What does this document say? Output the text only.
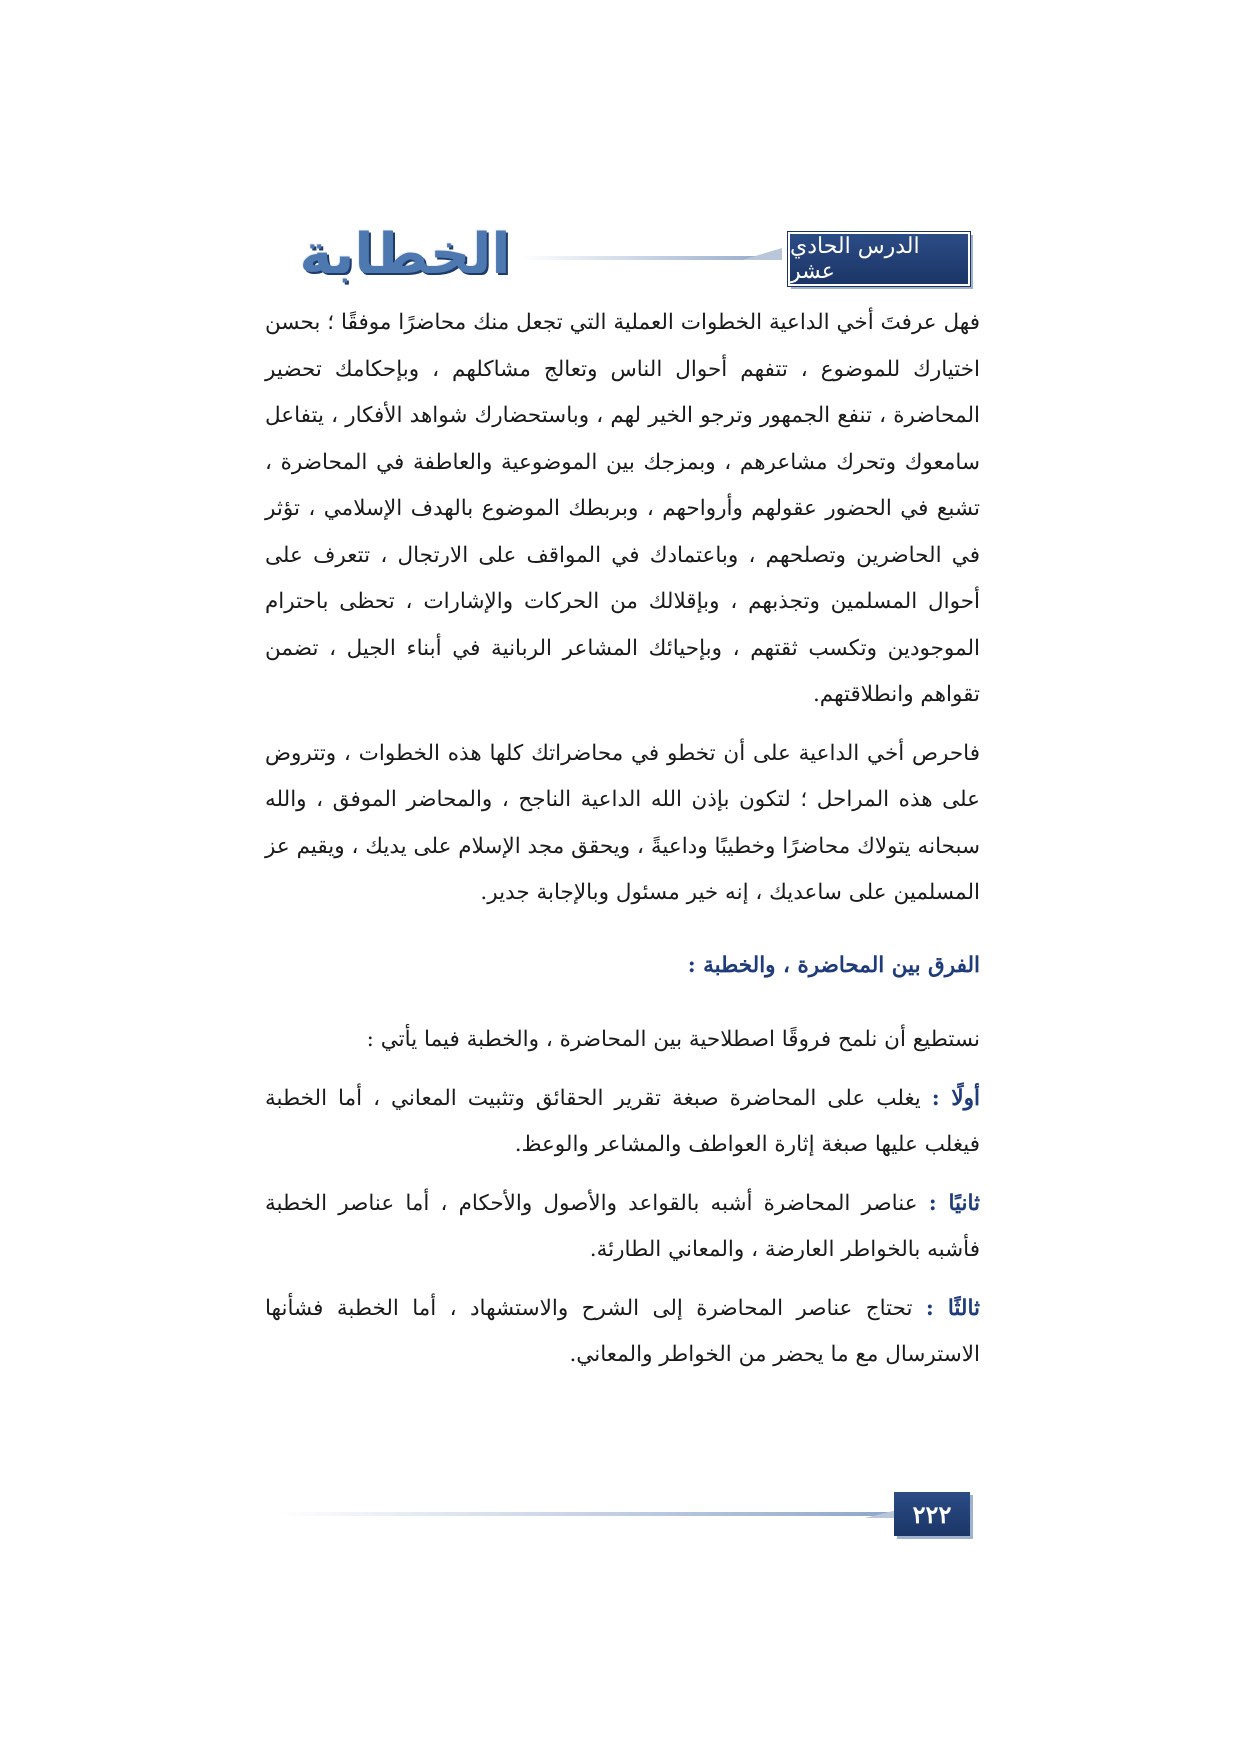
الخطابة	الدرس الحادي عشر

فهل عرفتَ أخي الداعية الخطوات العملية التي تجعل منك محاضرًا موفقًا ؛ بحسن اختيارك للموضوع ، تتفهم أحوال الناس وتعالج مشاكلهم ، وبإحكامك تحضير المحاضرة ، تنفع الجمهور وترجو الخير لهم ، وباستحضارك شواهد الأفكار ، يتفاعل سامعوك وتحرك مشاعرهم ، وبمزجك بين الموضوعية والعاطفة في المحاضرة ، تشبع في الحضور عقولهم وأرواحهم ، وبربطك الموضوع بالهدف الإسلامي ، تؤثر في الحاضرين وتصلحهم ، وباعتمادك في المواقف على الارتجال ، تتعرف على أحوال المسلمين وتجذبهم ، وبإقلالك من الحركات والإشارات ، تحظى باحترام الموجودين وتكسب ثقتهم ، وبإحيائك المشاعر الربانية في أبناء الجيل ، تضمن تقواهم وانطلاقتهم.

فاحرص أخي الداعية على أن تخطو في محاضراتك كلها هذه الخطوات ، وتتروض على هذه المراحل ؛ لتكون بإذن الله الداعية الناجح ، والمحاضر الموفق ، والله سبحانه يتولاك محاضرًا وخطيبًا وداعيةً ، ويحقق مجد الإسلام على يديك ، ويقيم عز المسلمين على ساعديك ، إنه خير مسئول وبالإجابة جدير.

الفرق بين المحاضرة ، والخطبة :

نستطيع أن نلمح فروقًا اصطلاحية بين المحاضرة ، والخطبة فيما يأتي :

أولًا : يغلب على المحاضرة صبغة تقرير الحقائق وتثبيت المعاني ، أما الخطبة فيغلب عليها صبغة إثارة العواطف والمشاعر والوعظ.

ثانيًا : عناصر المحاضرة أشبه بالقواعد والأصول والأحكام ، أما عناصر الخطبة فأشبه بالخواطر العارضة ، والمعاني الطارئة.

ثالثًا : تحتاج عناصر المحاضرة إلى الشرح والاستشهاد ، أما الخطبة فشأنها الاسترسال مع ما يحضر من الخواطر والمعاني.

٢٢٢
